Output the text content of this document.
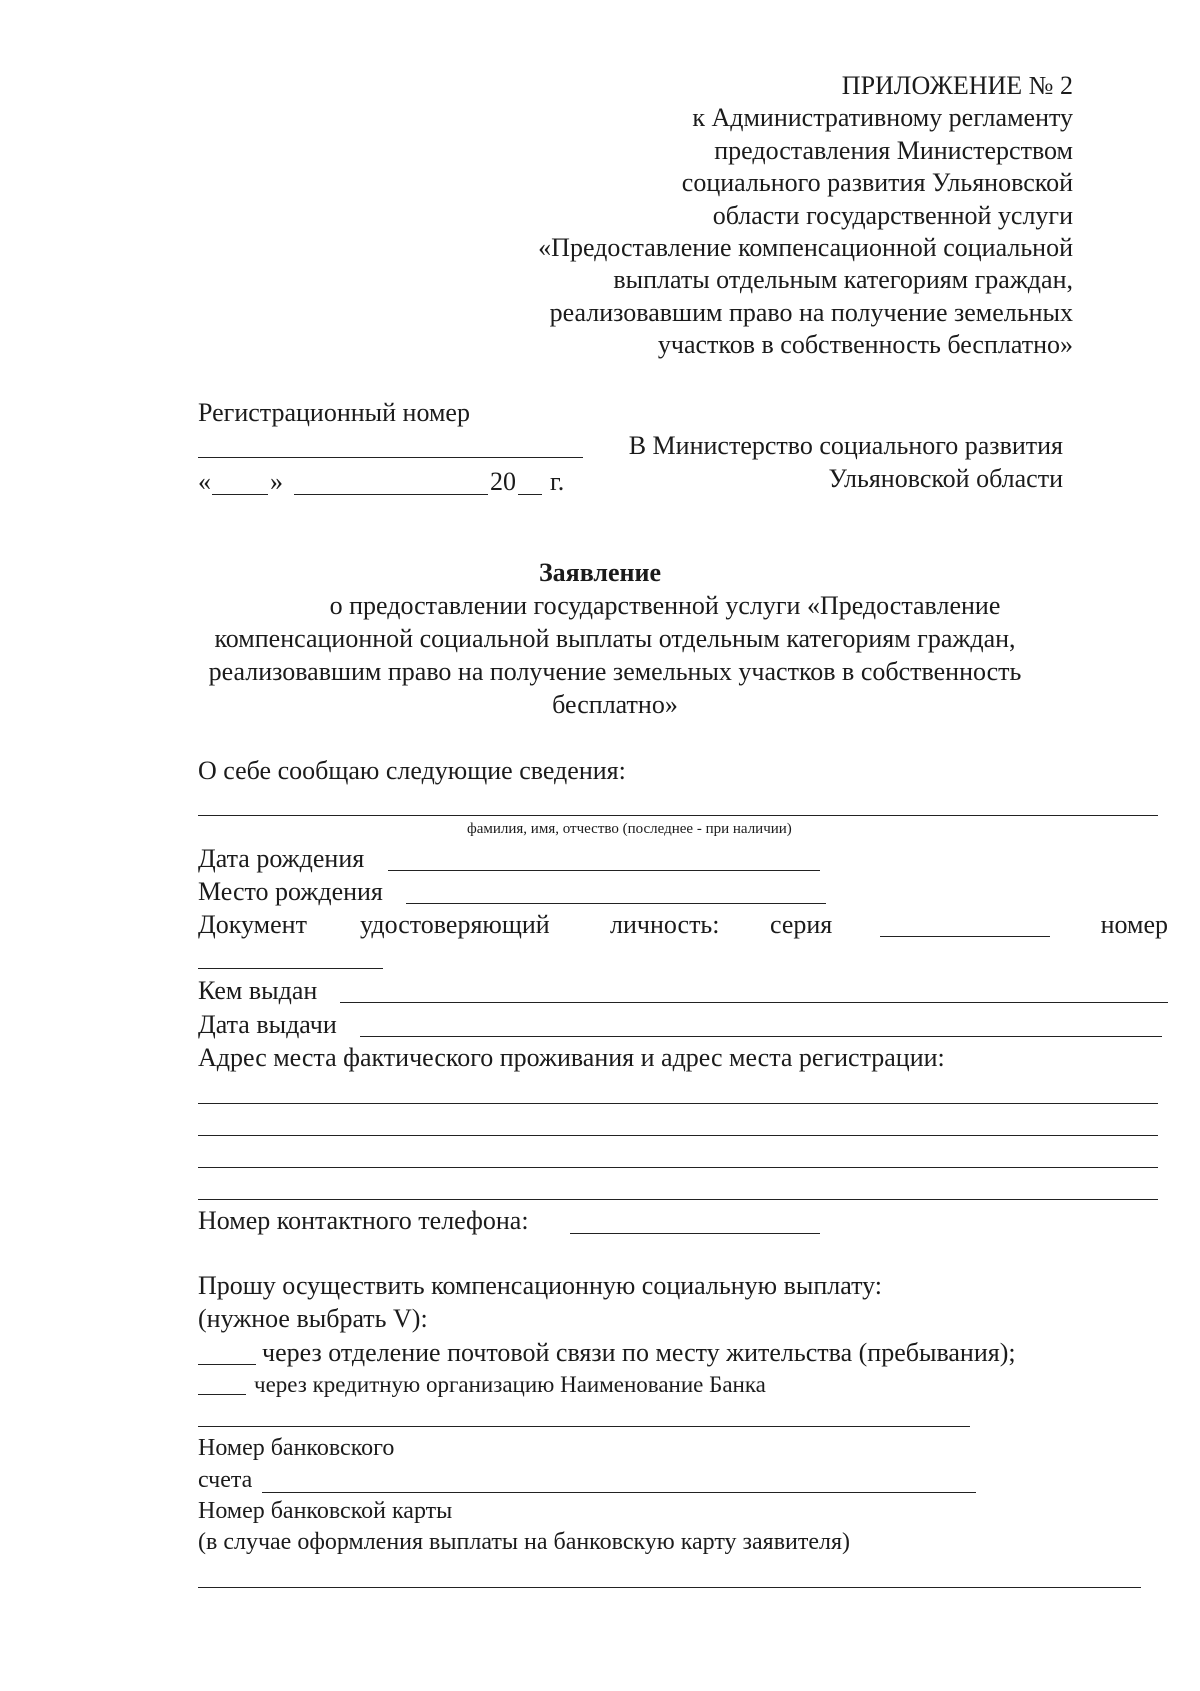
ПРИЛОЖЕНИЕ № 2
к Административному регламенту
предоставления Министерством
социального развития Ульяновской
области государственной услуги
«Предоставление компенсационной социальной
выплаты отдельным категориям граждан,
реализовавшим право на получение земельных
участков в собственность бесплатно»
Регистрационный номер
« »	20 г.
В Министерство социального развития
Ульяновской области
Заявление
о предоставлении государственной услуги «Предоставление
компенсационной социальной выплаты отдельным категориям граждан,
реализовавшим право на получение земельных участков в собственность
бесплатно»
О себе сообщаю следующие сведения:
фамилия, имя, отчество (последнее - при наличии)
Дата рождения
Место рождения
Документ удостоверяющий личность: серия	номер
Кем выдан
Дата выдачи
Адрес места фактического проживания и адрес места регистрации:
Номер контактного телефона:
Прошу осуществить компенсационную социальную выплату:
(нужное выбрать V):
через отделение почтовой связи по месту жительства (пребывания);
через кредитную организацию Наименование Банка
Номер банковского
счета
Номер банковской карты
(в случае оформления выплаты на банковскую карту заявителя)
